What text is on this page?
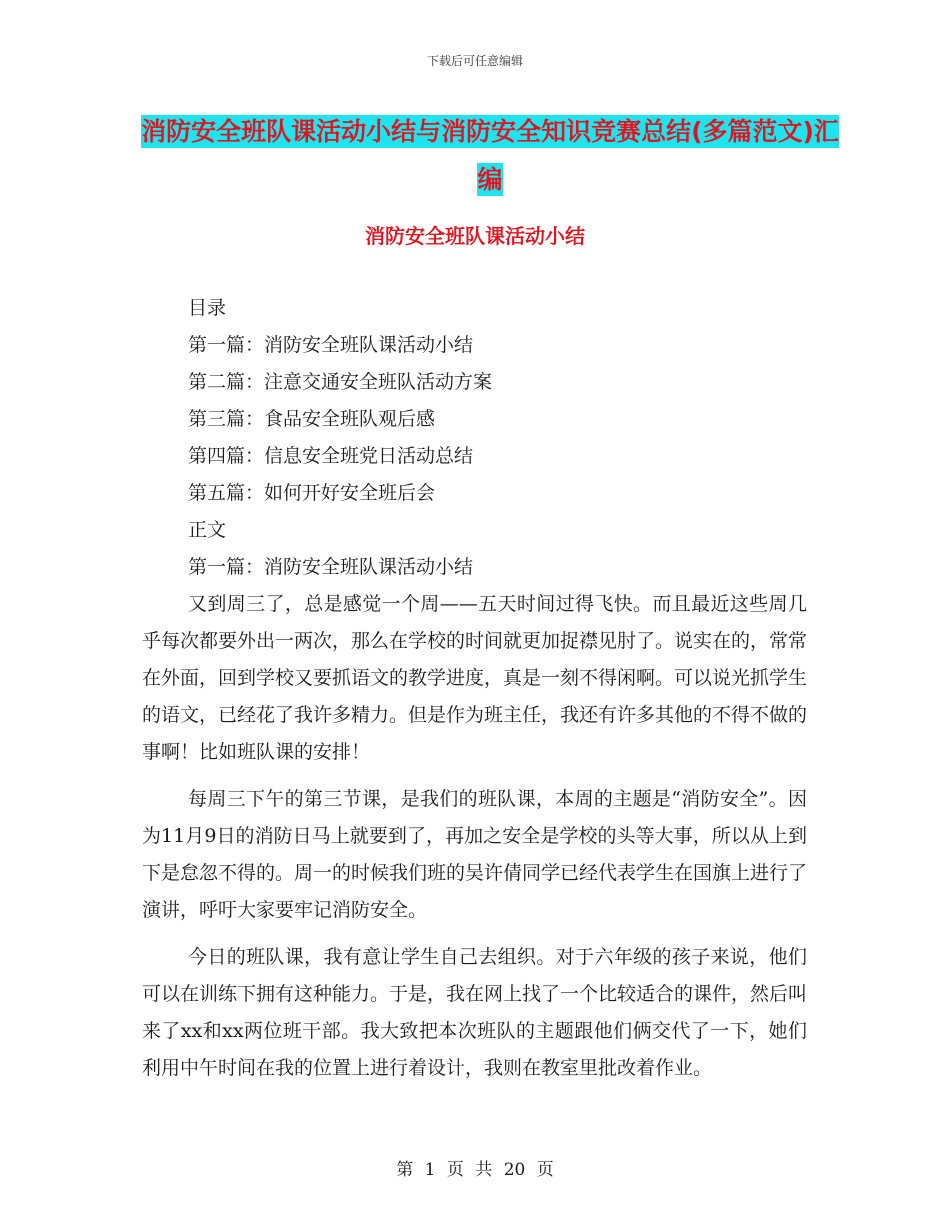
下载后可任意编辑
消防安全班队课活动小结与消防安全知识竞赛总结(多篇范文)汇编
消防安全班队课活动小结
目录
第一篇：消防安全班队课活动小结
第二篇：注意交通安全班队活动方案
第三篇：食品安全班队观后感
第四篇：信息安全班党日活动总结
第五篇：如何开好安全班后会
正文
第一篇：消防安全班队课活动小结
又到周三了，总是感觉一个周——五天时间过得飞快。而且最近这些周几乎每次都要外出一两次，那么在学校的时间就更加捉襟见肘了。说实在的，常常在外面，回到学校又要抓语文的教学进度，真是一刻不得闲啊。可以说光抓学生的语文，已经花了我许多精力。但是作为班主任，我还有许多其他的不得不做的事啊！比如班队课的安排！
每周三下午的第三节课，是我们的班队课，本周的主题是“消防安全”。因为11月9日的消防日马上就要到了，再加之安全是学校的头等大事，所以从上到下是怠忽不得的。周一的时候我们班的吴许倩同学已经代表学生在国旗上进行了演讲，呼吁大家要牢记消防安全。
今日的班队课，我有意让学生自己去组织。对于六年级的孩子来说，他们可以在训练下拥有这种能力。于是，我在网上找了一个比较适合的课件，然后叫来了xx和xx两位班干部。我大致把本次班队的主题跟他们俩交代了一下，她们利用中午时间在我的位置上进行着设计，我则在教室里批改着作业。
第 1 页 共 20 页
